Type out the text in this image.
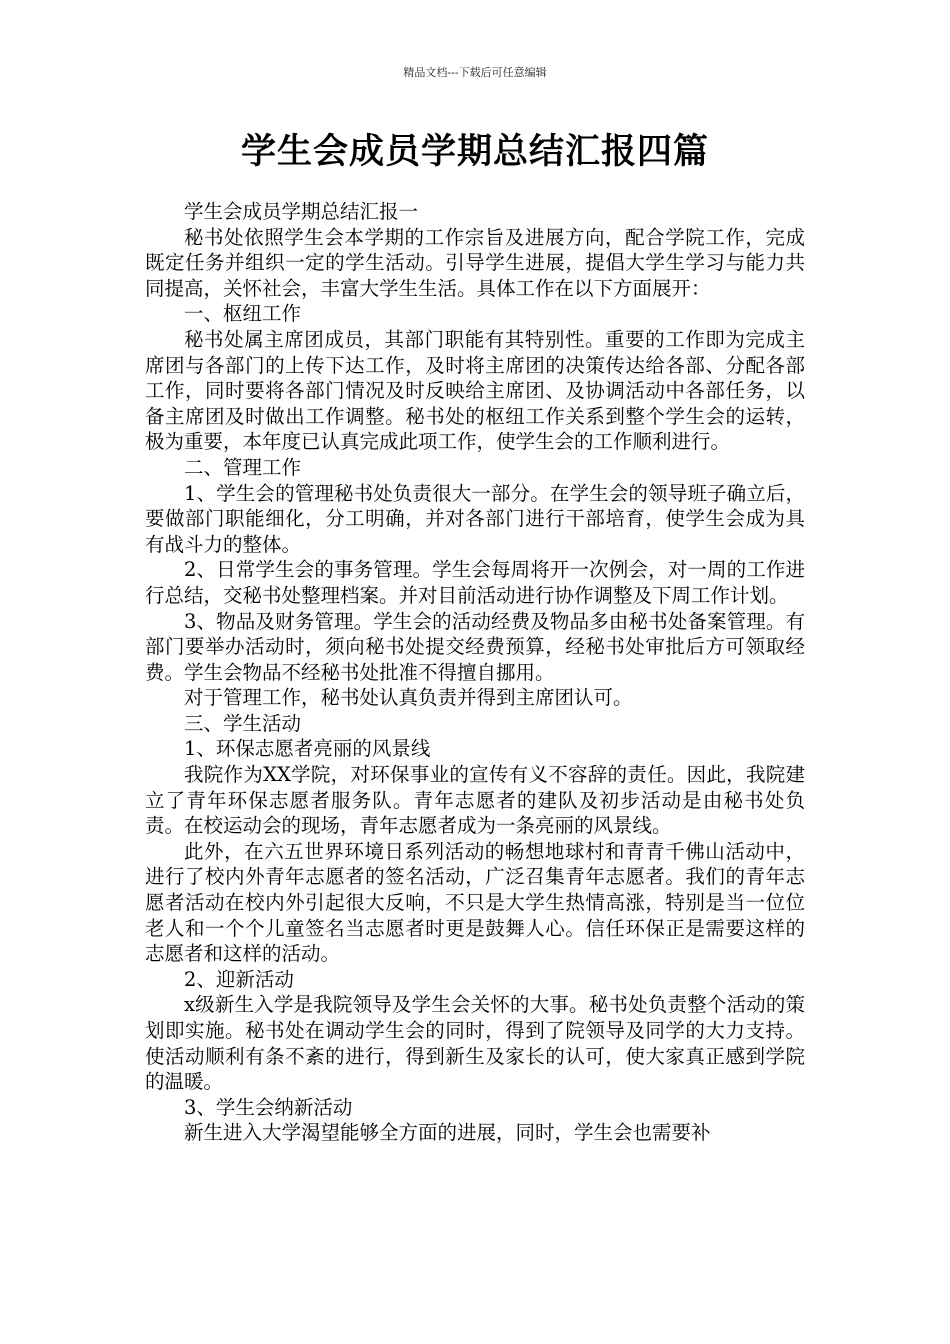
精品文档---下载后可任意编辑
学生会成员学期总结汇报四篇

学生会成员学期总结汇报一

秘书处依照学生会本学期的工作宗旨及进展方向，配合学院工作，完成既定任务并组织一定的学生活动。引导学生进展，提倡大学生学习与能力共同提高，关怀社会，丰富大学生生活。具体工作在以下方面展开：

一、枢纽工作

秘书处属主席团成员，其部门职能有其特别性。重要的工作即为完成主席团与各部门的上传下达工作，及时将主席团的决策传达给各部、分配各部工作，同时要将各部门情况及时反映给主席团、及协调活动中各部任务，以备主席团及时做出工作调整。秘书处的枢纽工作关系到整个学生会的运转，极为重要，本年度已认真完成此项工作，使学生会的工作顺利进行。

二、管理工作

1、学生会的管理秘书处负责很大一部分。在学生会的领导班子确立后，要做部门职能细化，分工明确，并对各部门进行干部培育，使学生会成为具有战斗力的整体。

2、日常学生会的事务管理。学生会每周将开一次例会，对一周的工作进行总结，交秘书处整理档案。并对目前活动进行协作调整及下周工作计划。

3、物品及财务管理。学生会的活动经费及物品多由秘书处备案管理。有部门要举办活动时，须向秘书处提交经费预算，经秘书处审批后方可领取经费。学生会物品不经秘书处批准不得擅自挪用。

对于管理工作，秘书处认真负责并得到主席团认可。

三、学生活动

1、环保志愿者亮丽的风景线

我院作为XX学院，对环保事业的宣传有义不容辞的责任。因此，我院建立了青年环保志愿者服务队。青年志愿者的建队及初步活动是由秘书处负责。在校运动会的现场，青年志愿者成为一条亮丽的风景线。

此外，在六五世界环境日系列活动的畅想地球村和青青千佛山活动中，进行了校内外青年志愿者的签名活动，广泛召集青年志愿者。我们的青年志愿者活动在校内外引起很大反响，不只是大学生热情高涨，特别是当一位位老人和一个个儿童签名当志愿者时更是鼓舞人心。信任环保正是需要这样的志愿者和这样的活动。

2、迎新活动

x级新生入学是我院领导及学生会关怀的大事。秘书处负责整个活动的策划即实施。秘书处在调动学生会的同时，得到了院领导及同学的大力支持。使活动顺利有条不紊的进行，得到新生及家长的认可，使大家真正感到学院的温暖。

3、学生会纳新活动

新生进入大学渴望能够全方面的进展，同时，学生会也需要补
